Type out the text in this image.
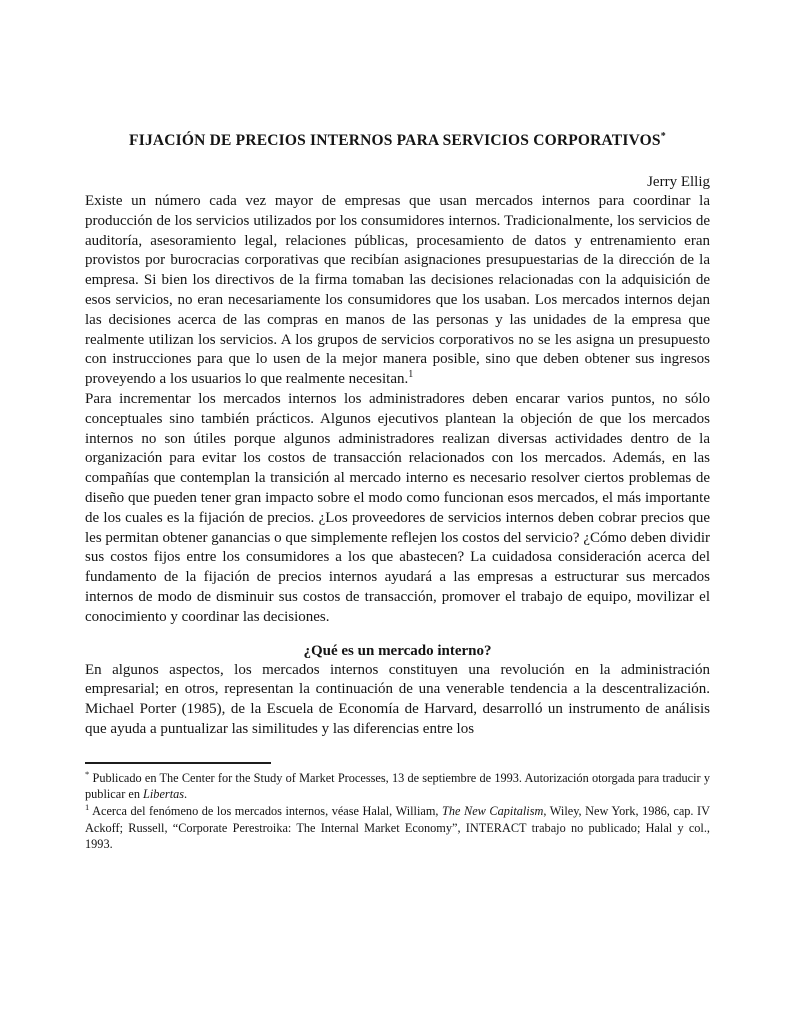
FIJACIÓN DE PRECIOS INTERNOS PARA SERVICIOS CORPORATIVOS*

Jerry Ellig

Existe un número cada vez mayor de empresas que usan mercados internos para coordinar la producción de los servicios utilizados por los consumidores internos. Tradicionalmente, los servicios de auditoría, asesoramiento legal, relaciones públicas, procesamiento de datos y entrenamiento eran provistos por burocracias corporativas que recibían asignaciones presupuestarias de la dirección de la empresa. Si bien los directivos de la firma tomaban las decisiones relacionadas con la adquisición de esos servicios, no eran necesariamente los consumidores que los usaban. Los mercados internos dejan las decisiones acerca de las compras en manos de las personas y las unidades de la empresa que realmente utilizan los servicios. A los grupos de servicios corporativos no se les asigna un presupuesto con instrucciones para que lo usen de la mejor manera posible, sino que deben obtener sus ingresos proveyendo a los usuarios lo que realmente necesitan.$^1$

Para incrementar los mercados internos los administradores deben encarar varios puntos, no sólo conceptuales sino también prácticos. Algunos ejecutivos plantean la objeción de que los mercados internos no son útiles porque algunos administradores realizan diversas actividades dentro de la organización para evitar los costos de transacción relacionados con los mercados. Además, en las compañías que contemplan la transición al mercado interno es necesario resolver ciertos problemas de diseño que pueden tener gran impacto sobre el modo como funcionan esos mercados, el más importante de los cuales es la fijación de precios. ¿Los proveedores de servicios internos deben cobrar precios que les permitan obtener ganancias o que simplemente reflejen los costos del servicio? ¿Cómo deben dividir sus costos fijos entre los consumidores a los que abastecen? La cuidadosa consideración acerca del fundamento de la fijación de precios internos ayudará a las empresas a estructurar sus mercados internos de modo de disminuir sus costos de transacción, promover el trabajo de equipo, movilizar el conocimiento y coordinar las decisiones.

¿Qué es un mercado interno?

En algunos aspectos, los mercados internos constituyen una revolución en la administración empresarial; en otros, representan la continuación de una venerable tendencia a la descentralización. Michael Porter (1985), de la Escuela de Economía de Harvard, desarrolló un instrumento de análisis que ayuda a puntualizar las similitudes y las diferencias entre los

* Publicado en The Center for the Study of Market Processes, 13 de septiembre de 1993. Autorización otorgada para traducir y publicar en Libertas.

$^1$ Acerca del fenómeno de los mercados internos, véase Halal, William, The New Capitalism, Wiley, New York, 1986, cap. IV Ackoff; Russell, “Corporate Perestroika: The Internal Market Economy”, INTERACT trabajo no publicado; Halal y col., 1993.
